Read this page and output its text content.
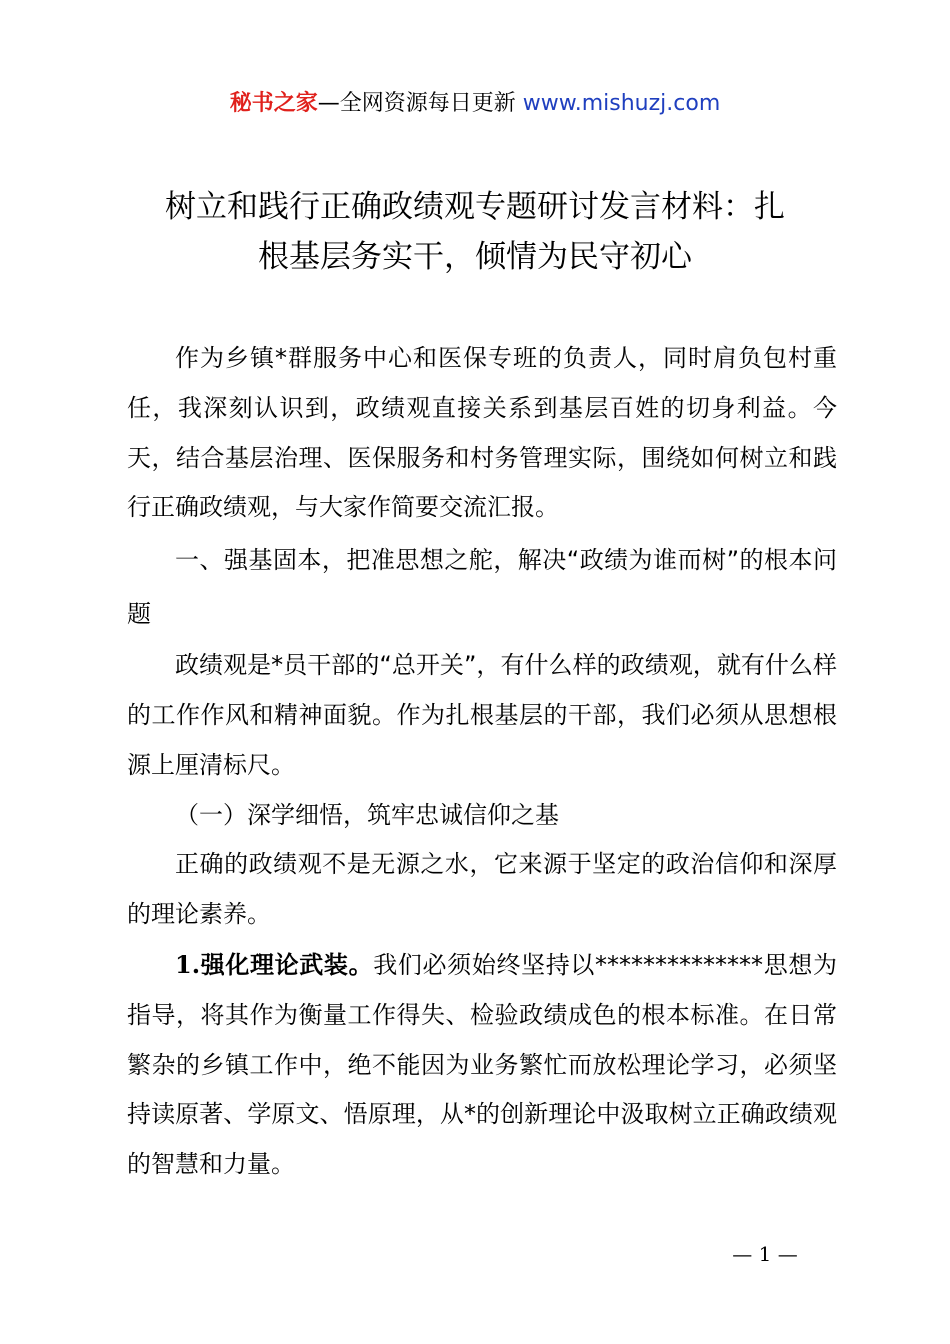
秘书之家—全网资源每日更新 www.mishuzj.com
树立和践行正确政绩观专题研讨发言材料：扎
根基层务实干，倾情为民守初心

作为乡镇*群服务中心和医保专班的负责人，同时肩负包村重任，我深刻认识到，政绩观直接关系到基层百姓的切身利益。今天，结合基层治理、医保服务和村务管理实际，围绕如何树立和践行正确政绩观，与大家作简要交流汇报。

一、强基固本，把准思想之舵，解决“政绩为谁而树”的根本问题

政绩观是*员干部的“总开关”，有什么样的政绩观，就有什么样的工作作风和精神面貌。作为扎根基层的干部，我们必须从思想根源上厘清标尺。

（一）深学细悟，筑牢忠诚信仰之基

正确的政绩观不是无源之水，它来源于坚定的政治信仰和深厚的理论素养。

1.强化理论武装。我们必须始终坚持以**************思想为指导，将其作为衡量工作得失、检验政绩成色的根本标准。在日常繁杂的乡镇工作中，绝不能因为业务繁忙而放松理论学习，必须坚持读原著、学原文、悟原理，从*的创新理论中汲取树立正确政绩观的智慧和力量。

— 1 —
